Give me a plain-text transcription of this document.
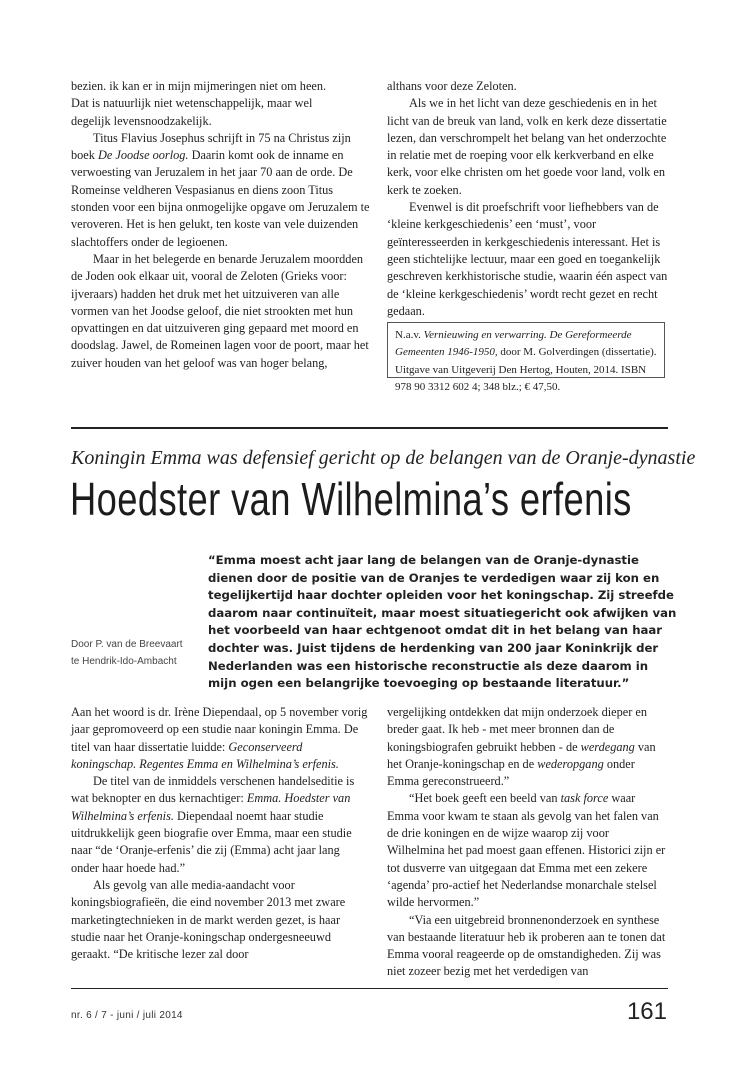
bezien. ik kan er in mijn mijmeringen niet om heen.
Dat is natuurlijk niet wetenschappelijk, maar wel
degelijk levensnoodzakelijk.

Titus Flavius Josephus schrijft in 75 na Christus zijn boek De Joodse oorlog. Daarin komt ook de inname en verwoesting van Jeruzalem in het jaar 70 aan de orde. De Romeinse veldheren Vespasianus en diens zoon Titus stonden voor een bijna onmogelijke opgave om Jeruzalem te veroveren. Het is hen gelukt, ten koste van vele duizenden slachtoffers onder de legioenen.

Maar in het belegerde en benarde Jeruzalem moordden de Joden ook elkaar uit, vooral de Zeloten (Grieks voor: ijveraars) hadden het druk met het uitzuiveren van alle vormen van het Joodse geloof, die niet strookten met hun opvattingen en dat uitzuiveren ging gepaard met moord en doodslag. Jawel, de Romeinen lagen voor de poort, maar het zuiver houden van het geloof was van hoger belang,

althans voor deze Zeloten.

Als we in het licht van deze geschiedenis en in het licht van de breuk van land, volk en kerk deze dissertatie lezen, dan verschrompelt het belang van het onderzochte in relatie met de roeping voor elk kerkverband en elke kerk, voor elke christen om het goede voor land, volk en kerk te zoeken.

Evenwel is dit proefschrift voor liefhebbers van de ‘kleine kerkgeschiedenis’ een ‘must’, voor geïnteresseerden in kerkgeschiedenis interessant. Het is geen stichtelijke lectuur, maar een goed en toegankelijk geschreven kerkhistorische studie, waarin één aspect van de ‘kleine kerkgeschiedenis’ wordt recht gezet en recht gedaan.

N.a.v. Vernieuwing en verwarring. De Gereformeerde Gemeenten 1946-1950, door M. Golverdingen (dissertatie). Uitgave van Uitgeverij Den Hertog, Houten, 2014. ISBN 978 90 3312 602 4; 348 blz.; € 47,50.
Koningin Emma was defensief gericht op de belangen van de Oranje-dynastie
Hoedster van Wilhelmina’s erfenis
“Emma moest acht jaar lang de belangen van de Oranje-dynastie dienen door de positie van de Oranjes te verdedigen waar zij kon en tegelijkertijd haar dochter opleiden voor het koningschap. Zij streefde daarom naar continuïteit, maar moest situatiegericht ook afwijken van het voorbeeld van haar echtgenoot omdat dit in het belang van haar dochter was. Juist tijdens de herdenking van 200 jaar Koninkrijk der Nederlanden was een historische reconstructie als deze daarom in mijn ogen een belangrijke toevoeging op bestaande literatuur.”
Door P. van de Breevaart
te Hendrik-Ido-Ambacht

Aan het woord is dr. Irène Diependaal, op 5 november vorig jaar gepromoveerd op een studie naar koningin Emma. De titel van haar dissertatie luidde: Geconserveerd koningschap. Regentes Emma en Wilhelmina’s erfenis.

De titel van de inmiddels verschenen handelseditie is wat beknopter en dus kernachtiger: Emma. Hoedster van Wilhelmina’s erfenis. Diependaal noemt haar studie uitdrukkelijk geen biografie over Emma, maar een studie naar “de ‘Oranje-erfenis’ die zij (Emma) acht jaar lang onder haar hoede had.”

Als gevolg van alle media-aandacht voor koningsbiografieën, die eind november 2013 met zware marketingtechnieken in de markt werden gezet, is haar studie naar het Oranje-koningschap ondergesneeuwd geraakt. “De kritische lezer zal door

vergelijking ontdekken dat mijn onderzoek dieper en breder gaat. Ik heb - met meer bronnen dan de koningsbiografen gebruikt hebben - de werdegang van het Oranje-koningschap en de wederopgang onder Emma gereconstrueerd.”

“Het boek geeft een beeld van task force waar Emma voor kwam te staan als gevolg van het falen van de drie koningen en de wijze waarop zij voor Wilhelmina het pad moest gaan effenen. Historici zijn er tot dusverre van uitgegaan dat Emma met een zekere ‘agenda’ pro-actief het Nederlandse monarchale stelsel wilde hervormen.”

“Via een uitgebreid bronnenonderzoek en synthese van bestaande literatuur heb ik proberen aan te tonen dat Emma vooral reageerde op de omstandigheden. Zij was niet zozeer bezig met het verdedigen van

nr. 6 / 7 - juni / juli 2014	161
